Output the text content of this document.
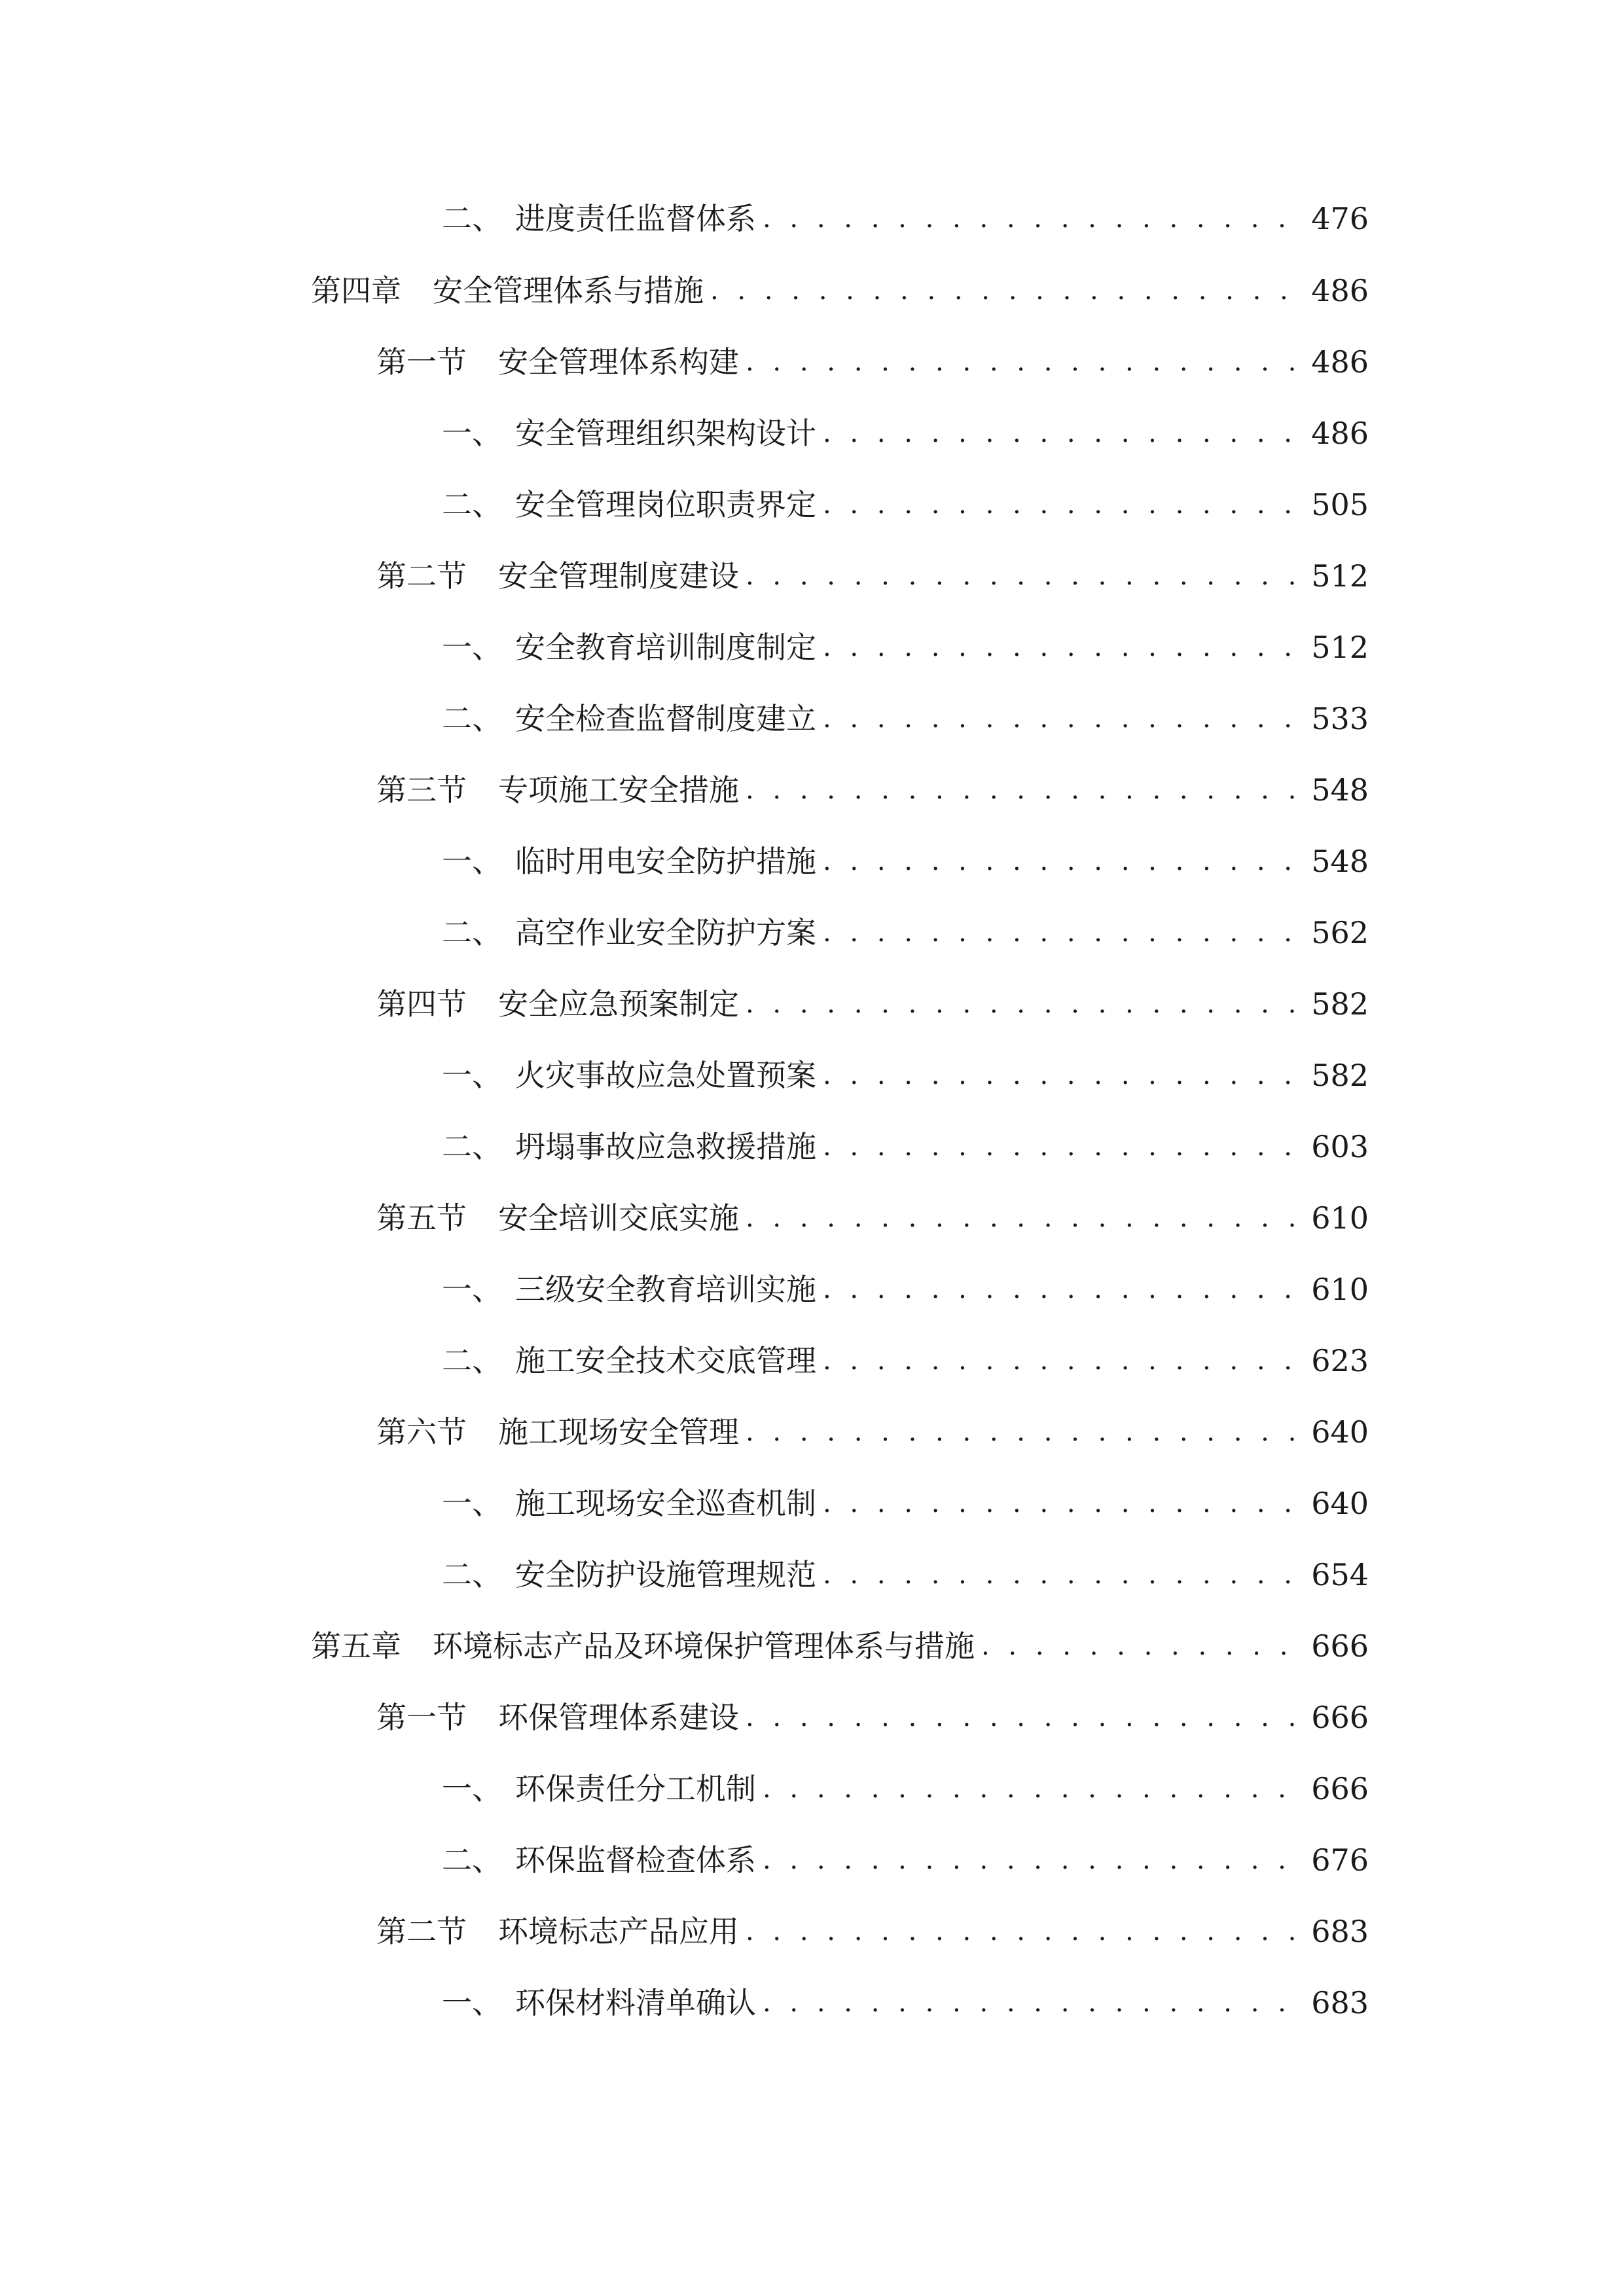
二、 进度责任监督体系 . . .	476
第四章 安全管理体系与措施 . . .	486
第一节 安全管理体系构建 . . .	486
一、 安全管理组织架构设计 . . .	486
二、 安全管理岗位职责界定 . . .	505
第二节 安全管理制度建设 . . .	512
一、 安全教育培训制度制定 . . .	512
二、 安全检查监督制度建立 . . .	533
第三节 专项施工安全措施 . . .	548
一、 临时用电安全防护措施 . . .	548
二、 高空作业安全防护方案 . . .	562
第四节 安全应急预案制定 . . .	582
一、 火灾事故应急处置预案 . . .	582
二、 坍塌事故应急救援措施 . . .	603
第五节 安全培训交底实施 . . .	610
一、 三级安全教育培训实施 . . .	610
二、 施工安全技术交底管理 . . .	623
第六节 施工现场安全管理 . . .	640
一、 施工现场安全巡查机制 . . .	640
二、 安全防护设施管理规范 . . .	654
第五章 环境标志产品及环境保护管理体系与措施 . . .	666
第一节 环保管理体系建设 . . .	666
一、 环保责任分工机制 . . .	666
二、 环保监督检查体系 . . .	676
第二节 环境标志产品应用 . . .	683
一、 环保材料清单确认 . . .	683
